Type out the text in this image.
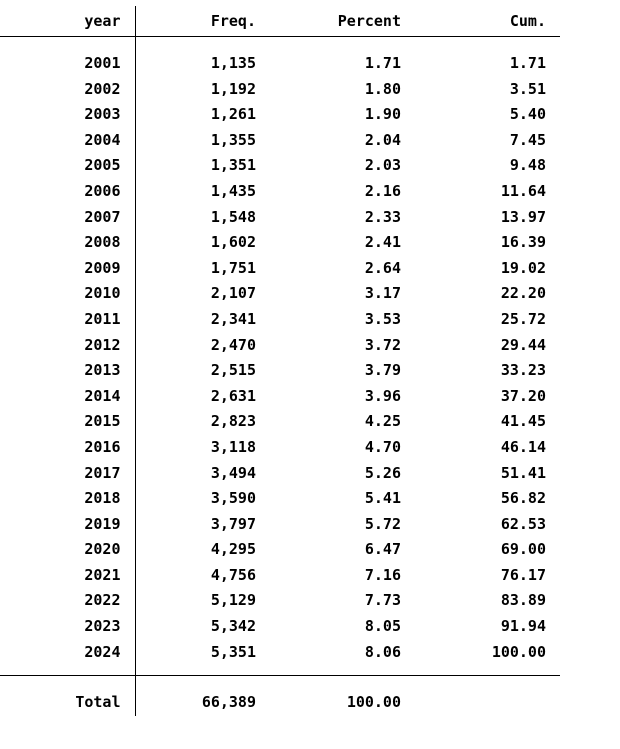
year	Freq.	Percent	Cum.

2001	1,135	1.71	1.71

2002	1,192	1.80	3.51

2003	1,261	1.90	5.40

2004	1,355	2.04	7.45

2005	1,351	2.03	9.48

2006	1,435	2.16	11.64

2007	1,548	2.33	13.97

2008	1,602	2.41	16.39

2009	1,751	2.64	19.02

2010	2,107	3.17	22.20

2011	2,341	3.53	25.72

2012	2,470	3.72	29.44

2013	2,515	3.79	33.23

2014	2,631	3.96	37.20

2015	2,823	4.25	41.45

2016	3,118	4.70	46.14

2017	3,494	5.26	51.41

2018	3,590	5.41	56.82

2019	3,797	5.72	62.53

2020	4,295	6.47	69.00

2021	4,756	7.16	76.17

2022	5,129	7.73	83.89

2023	5,342	8.05	91.94

2024	5,351	8.06	100.00

Total	66,389	100.00	
